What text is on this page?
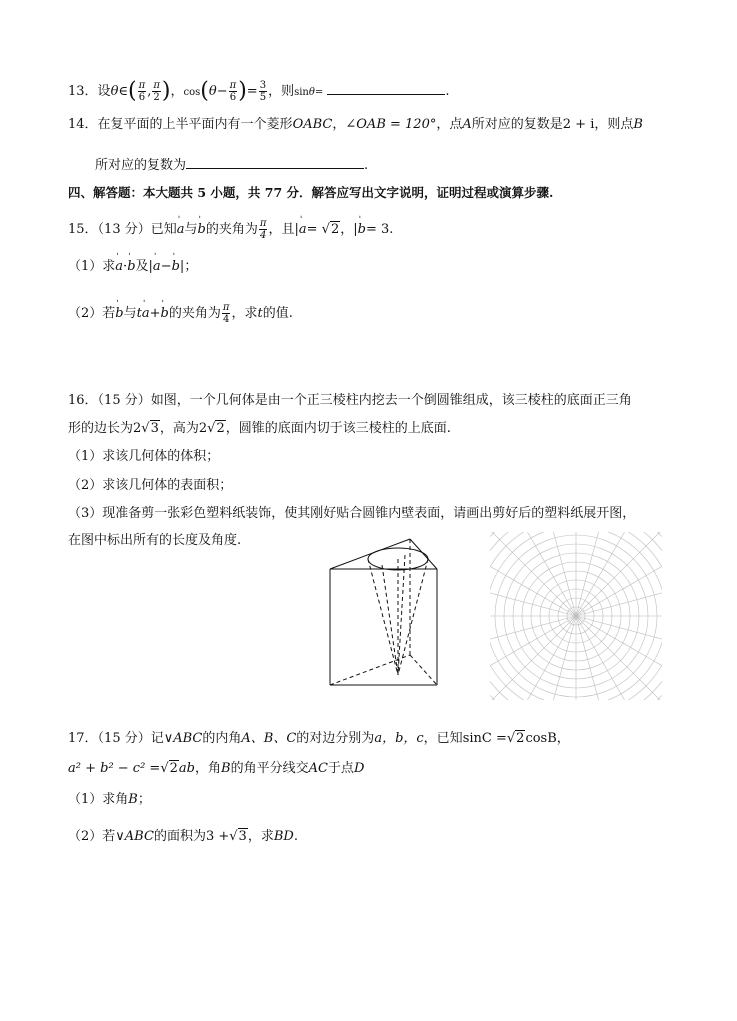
13．设θ∈( $\frac{\pi}{6}$ , $\frac{\pi}{2}$ )，$\cos(\theta- \frac{\pi}{6}$ )= $\frac{3}{5}$ ，则sinθ=	.
14．在复平面的上半平面内有一个菱形OABC，∠OAB = 120°，点A所对应的复数是2 + i，则点B
所对应的复数为	.
四、解答题：本大题共 5 小题，共 77 分．解答应写出文字说明，证明过程或演算步骤.
15．（13 分）已知ˈ a与ˈ b的夹角为 $\frac{\pi}{4}$ ，且|ˈ a= √2，|ˈ b= 3.
（1）求ˈ a·ˈ b及|ˈ a−ˈ b|；
（2）若ˈ b与tˈ a+ˈ b的夹角为 $\frac{\pi}{4}$ ，求t的值.
16．（15 分）如图，一个几何体是由一个正三棱柱内挖去一个倒圆锥组成，该三棱柱的底面正三角
形的边长为2√3，高为2√2，圆锥的底面内切于该三棱柱的上底面.
（1）求该几何体的体积；
（2）求该几何体的表面积；
（3）现准备剪一张彩色塑料纸装饰，使其刚好贴合圆锥内壁表面，请画出剪好后的塑料纸展开图，
在图中标出所有的长度及角度.
17．（15 分）记∨ABC的内角A、B、C的对边分别为a，b，c，已知sinC =√2cosB，
a² + b² − c² =√2ab，角B的角平分线交AC于点D
（1）求角B；
（2）若∨ABC的面积为3 +√3，求BD.
